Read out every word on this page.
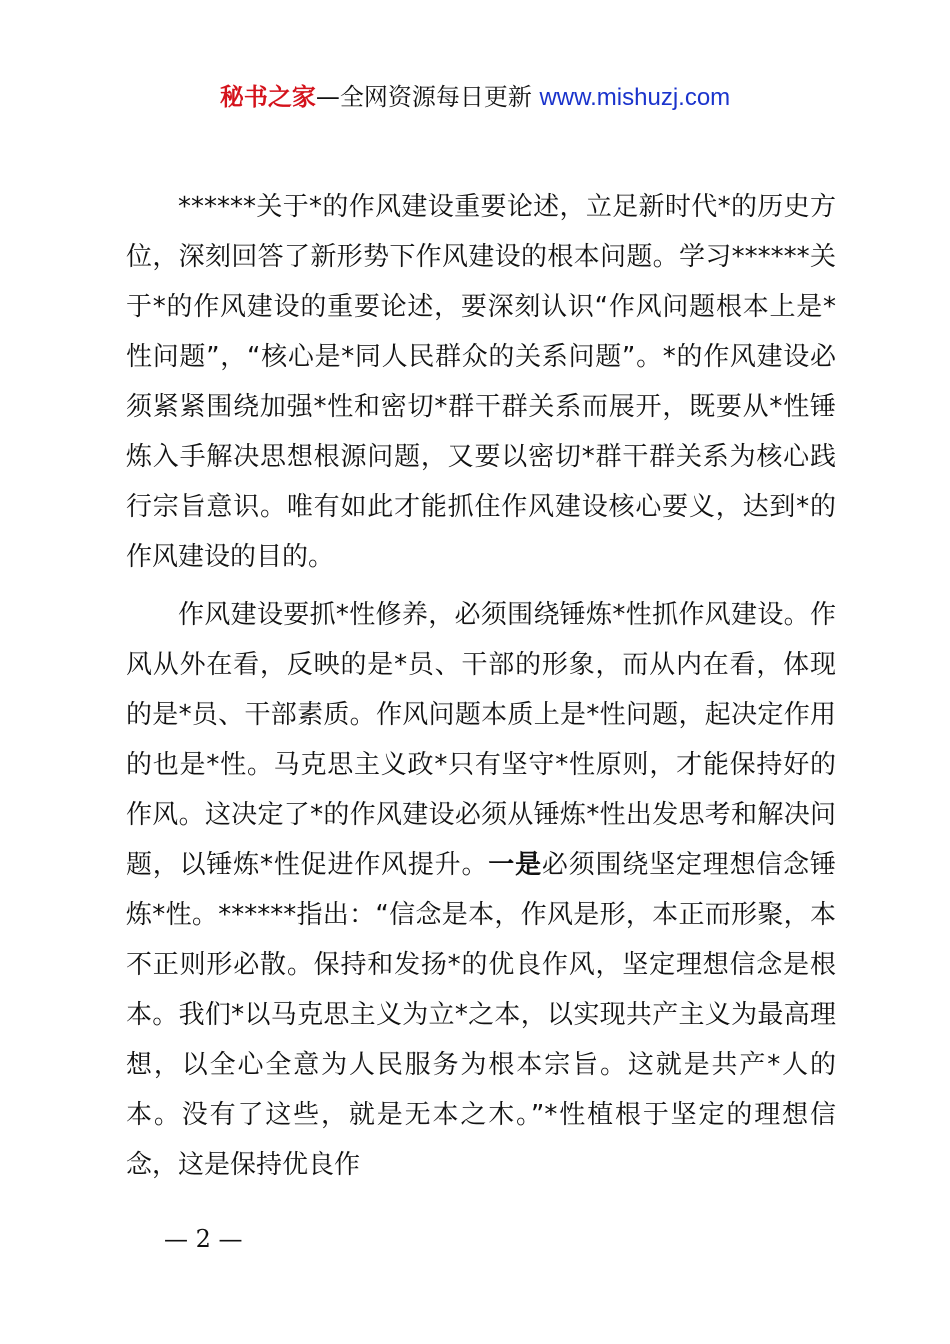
秘书之家—全网资源每日更新 www.mishuzj.com

******关于*的作风建设重要论述，立足新时代*的历史方位，深刻回答了新形势下作风建设的根本问题。学习******关于*的作风建设的重要论述，要深刻认识“作风问题根本上是*性问题”，“核心是*同人民群众的关系问题”。*的作风建设必须紧紧围绕加强*性和密切*群干群关系而展开，既要从*性锤炼入手解决思想根源问题，又要以密切*群干群关系为核心践行宗旨意识。唯有如此才能抓住作风建设核心要义，达到*的作风建设的目的。

作风建设要抓*性修养，必须围绕锤炼*性抓作风建设。作风从外在看，反映的是*员、干部的形象，而从内在看，体现的是*员、干部素质。作风问题本质上是*性问题，起决定作用的也是*性。马克思主义政*只有坚守*性原则，才能保持好的作风。这决定了*的作风建设必须从锤炼*性出发思考和解决问题，以锤炼*性促进作风提升。一是必须围绕坚定理想信念锤炼*性。******指出：“信念是本，作风是形，本正而形聚，本不正则形必散。保持和发扬*的优良作风，坚定理想信念是根本。我们*以马克思主义为立*之本，以实现共产主义为最高理想，以全心全意为人民服务为根本宗旨。这就是共产*人的本。没有了这些，就是无本之木。”*性植根于坚定的理想信念，这是保持优良作

— 2 —
